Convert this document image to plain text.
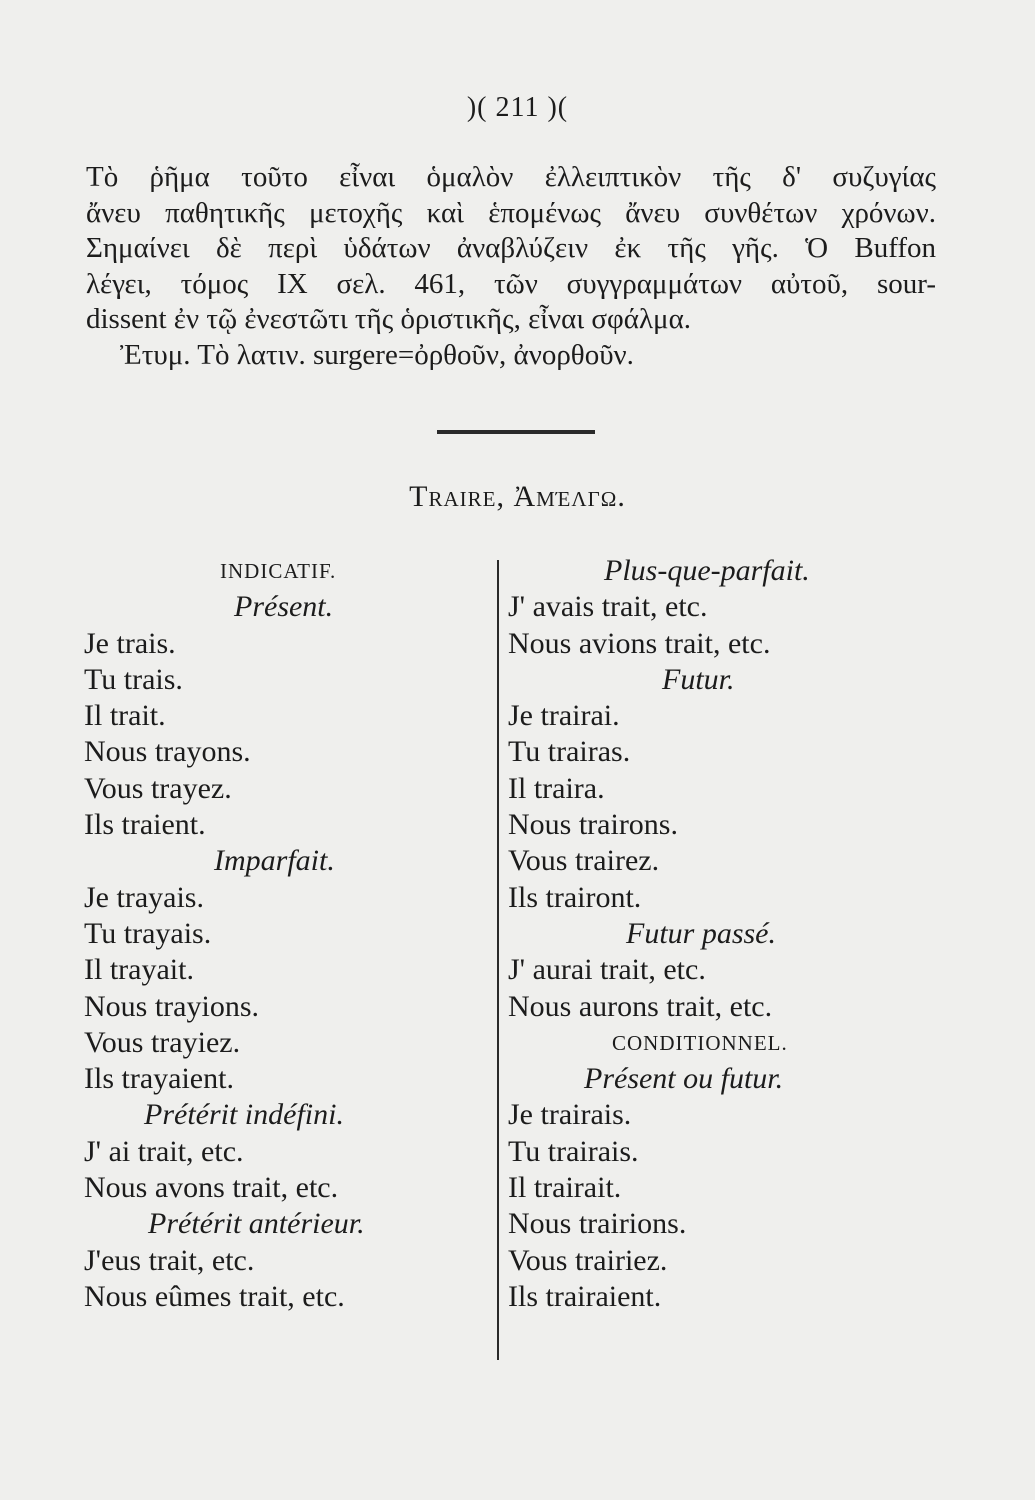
)( 211 )(
Τὸ ῥῆμα τοῦτο εἶναι ὁμαλὸν ἐλλειπτικὸν τῆς δ' συζυγίας
ἄνευ παθητικῆς μετοχῆς καὶ ἑπομένως ἄνευ συνθέτων χρόνων.
Σημαίνει δὲ περὶ ὑδάτων ἀναβλύζειν ἐκ τῆς γῆς. Ὁ Buffon
λέγει, τόμος IX σελ. 461, τῶν συγγραμμάτων αὐτοῦ, sour-
dissent ἐν τῷ ἐνεστῶτι τῆς ὁριστικῆς, εἶναι σφάλμα.
Ἐτυμ. Τὸ λατιν. surgere=ὀρθοῦν, ἀνορθοῦν.
Traire, Ἀμέλγω.
INDICATIF.
Présent.
Je trais.
Tu trais.
Il trait.
Nous trayons.
Vous trayez.
Ils traient.
Imparfait.
Je trayais.
Tu trayais.
Il trayait.
Nous trayions.
Vous trayiez.
Ils trayaient.
Prétérit indéfini.
J' ai trait, etc.
Nous avons trait, etc.
Prétérit antérieur.
J'eus trait, etc.
Nous eûmes trait, etc.
Plus-que-parfait.
J' avais trait, etc.
Nous avions trait, etc.
Futur.
Je trairai.
Tu trairas.
Il traira.
Nous trairons.
Vous trairez.
Ils trairont.
Futur passé.
J' aurai trait, etc.
Nous aurons trait, etc.
CONDITIONNEL.
Présent ou futur.
Je trairais.
Tu trairais.
Il trairait.
Nous trairions.
Vous trairiez.
Ils trairaient.
